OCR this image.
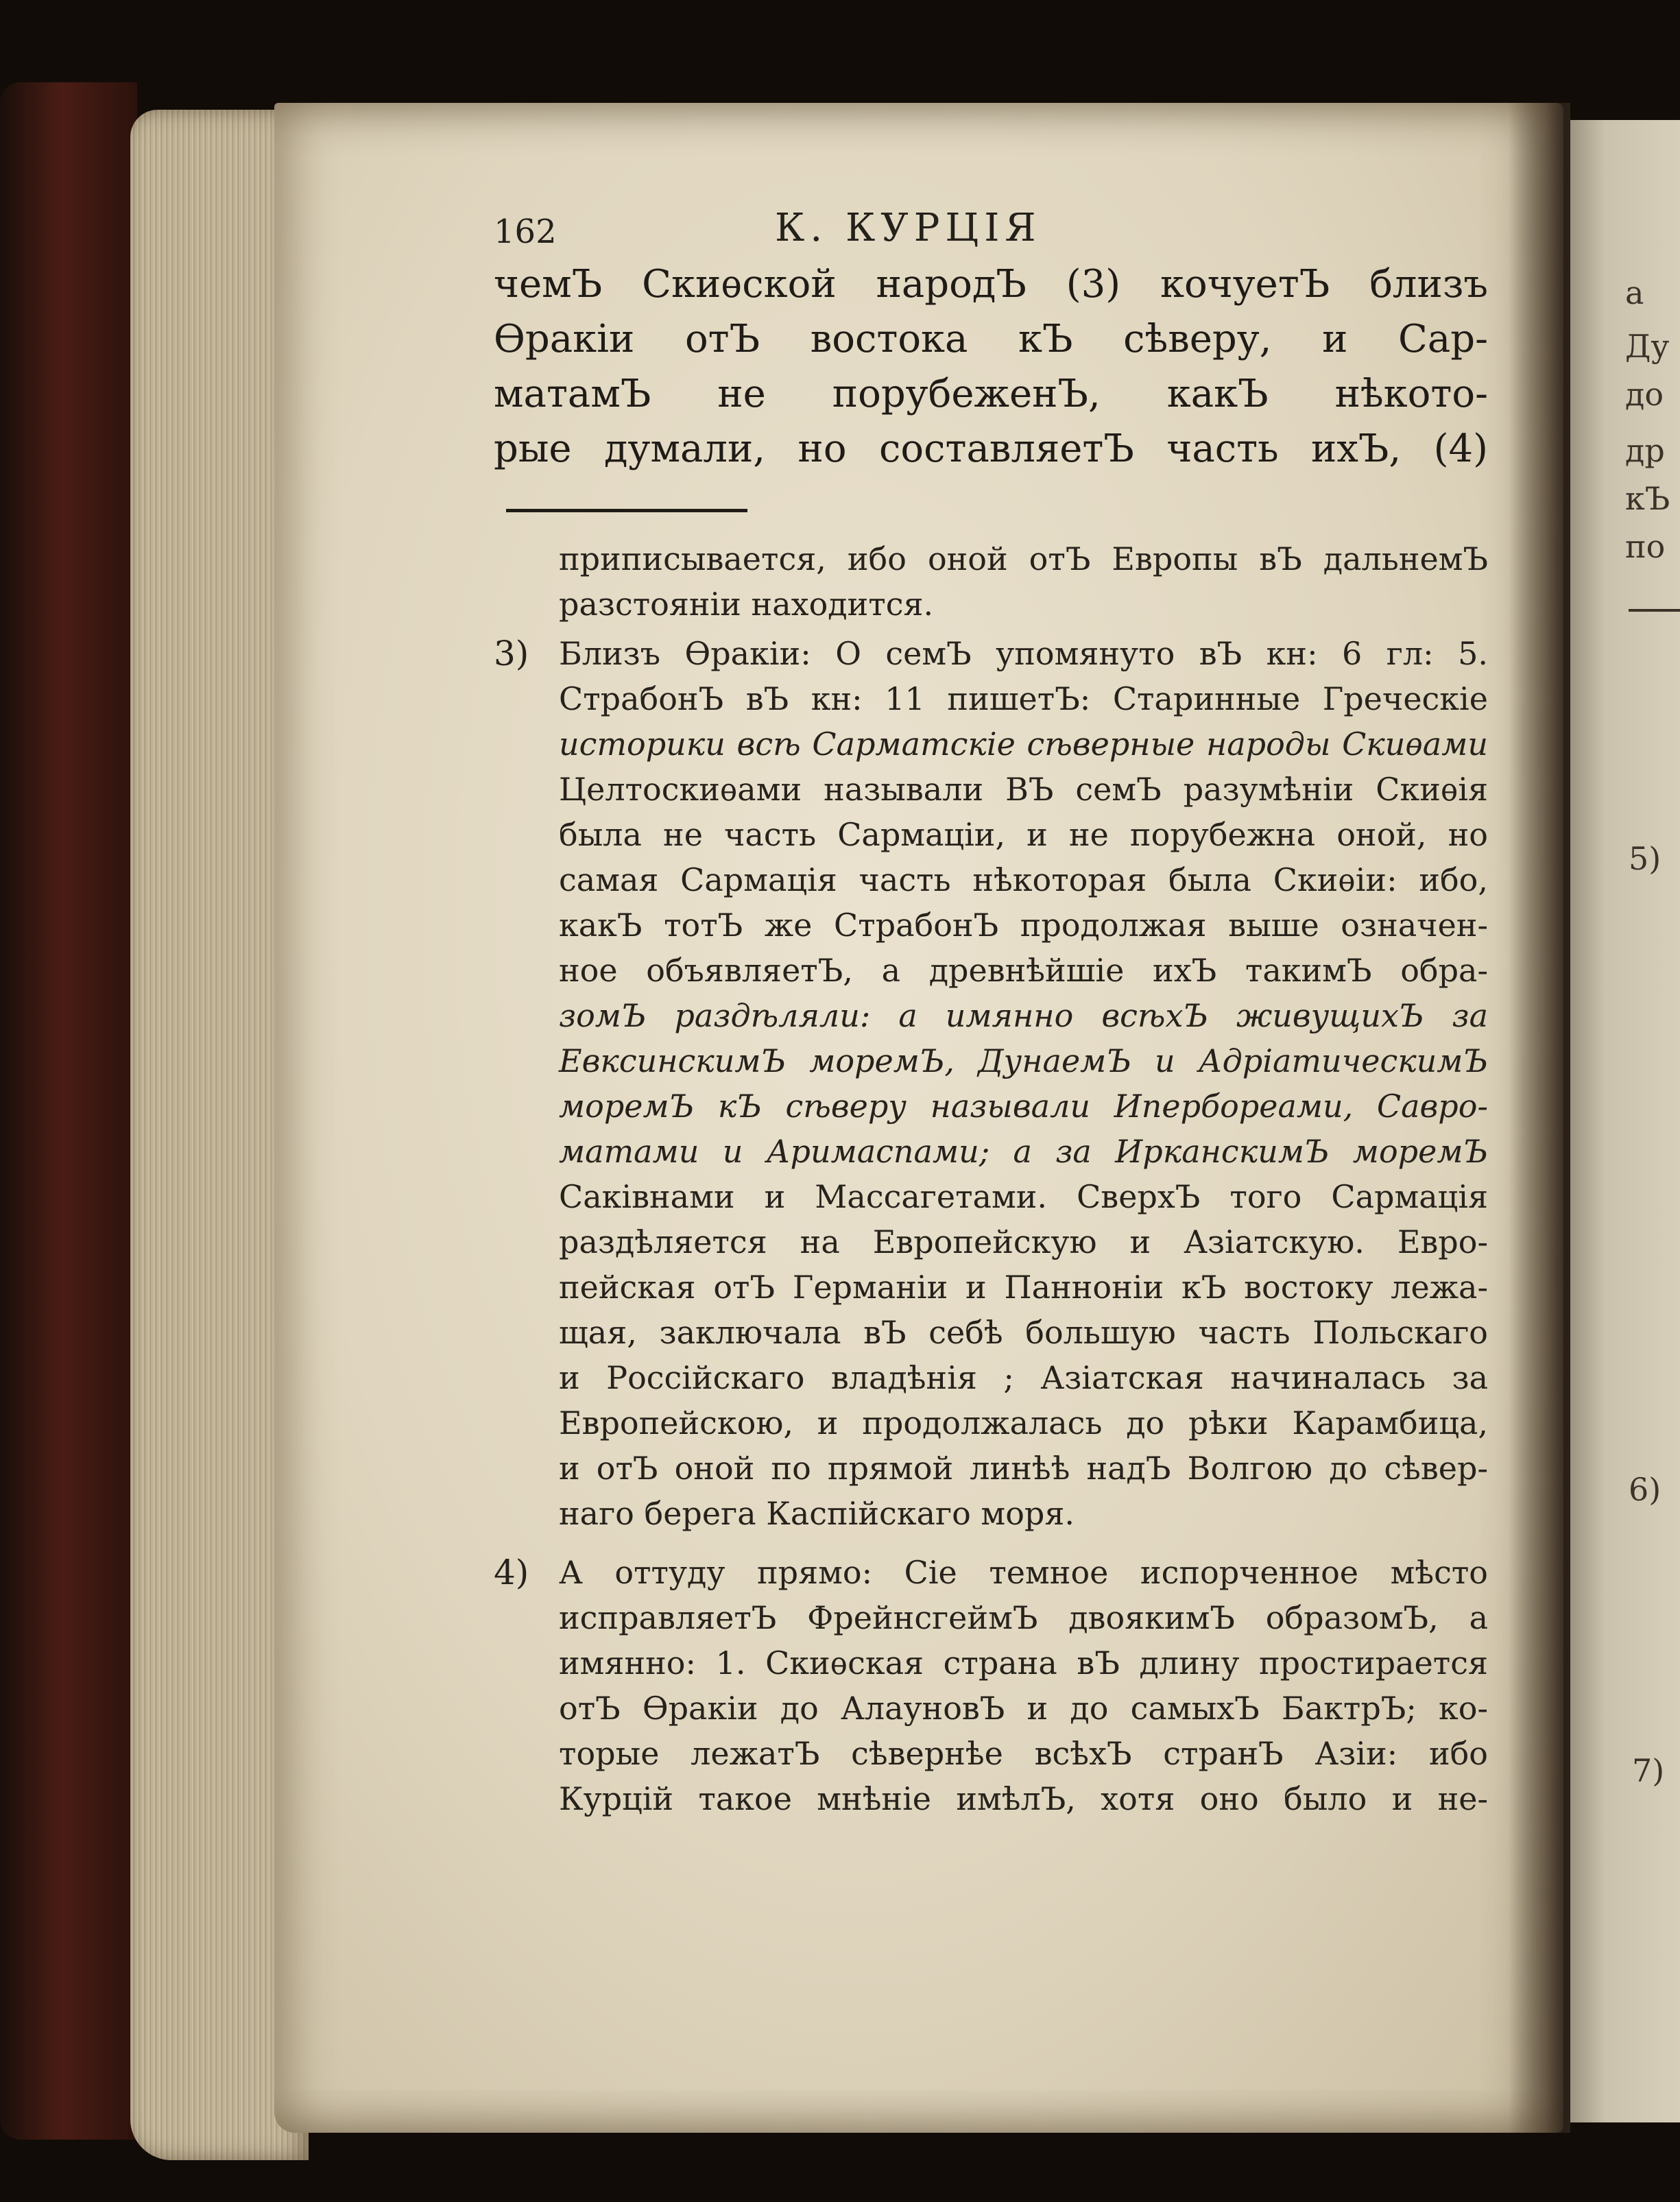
а
Ду
до
др
кЪ
по
5)
6)
7)
162	К. КУРЦІЯ
чемЪ Скиѳской народЪ (3) кочуетЪ близъ
Ѳракіи отЪ востока кЪ сѣверу, и Сар-
матамЪ не порубеженЪ, какЪ нѣкото-
рые думали, но составляетЪ часть ихЪ, (4)
приписывается, ибо оной отЪ Европы вЪ дальнемЪ
разстояніи находится.
3) Близъ Ѳракіи: О семЪ упомянуто вЪ кн: 6 гл: 5.
СтрабонЪ вЪ кн: 11 пишетЪ: Старинные Греческіе
историки всѣ Сарматскіе сѣверные народы Скиѳами
Целтоскиѳами называли ВЪ семЪ разумѣніи Скиѳія
была не часть Сармаціи, и не порубежна оной, но
самая Сармація часть нѣкоторая была Скиѳіи: ибо,
какЪ тотЪ же СтрабонЪ продолжая выше означен-
ное объявляетЪ, а древнѣйшіе ихЪ такимЪ обра-
зомЪ раздѣляли: а имянно всѣхЪ живущихЪ за
ЕвксинскимЪ моремЪ, ДунаемЪ и АдріатическимЪ
моремЪ кЪ сѣверу называли Иперборeами, Савро-
матами и Аримаспами; а за ИрканскимЪ моремЪ
Саківнами и Массагетами. СверхЪ того Сармація
раздѣляется на Европейскую и Азіатскую. Евро-
пейская отЪ Германіи и Панноніи кЪ востоку лежа-
щая, заключала вЪ себѣ большую часть Польскаго
и Россійскаго владѣнія ; Азіатская начиналась за
Европейскою, и продолжалась до рѣки Карамбица,
и отЪ оной по прямой линѣѣ надЪ Волгою до сѣвер-
наго берега Каспійскаго моря.
4) А оттуду прямо: Сіе темное испорченное мѣсто
исправляетЪ ФрейнсгеймЪ двоякимЪ образомЪ, а
имянно: 1. Скиѳская страна вЪ длину простирается
отЪ Ѳракіи до АлауновЪ и до самыхЪ БактрЪ; ко-
торые лежатЪ сѣвернѣе всѣхЪ странЪ Азіи: ибо
Курцій такое мнѣніе имѣлЪ, хотя оно было и не-
